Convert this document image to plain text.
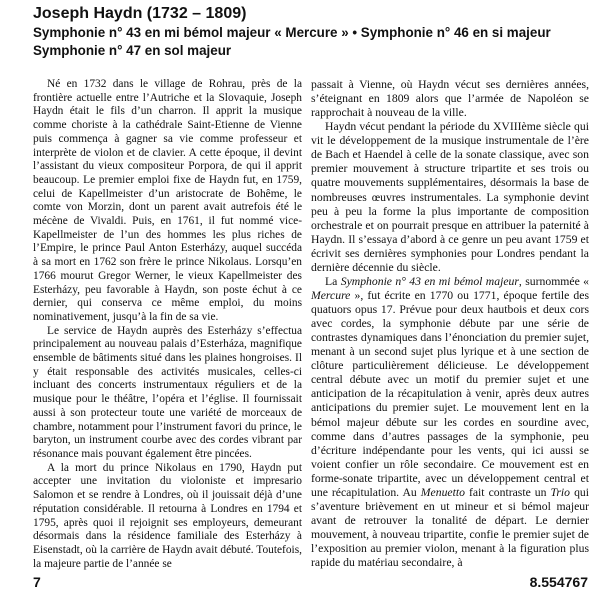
Joseph Haydn (1732 – 1809)
Symphonie n° 43 en mi bémol majeur « Mercure » • Symphonie n° 46 en si majeur
Symphonie n° 47 en sol majeur

Né en 1732 dans le village de Rohrau, près de la frontière actuelle entre l’Autriche et la Slovaquie, Joseph Haydn était le fils d’un charron. Il apprit la musique comme choriste à la cathédrale Saint-Etienne de Vienne puis commença à gagner sa vie comme professeur et interprète de violon et de clavier. A cette époque, il devint l’assistant du vieux compositeur Porpora, de qui il apprit beaucoup. Le premier emploi fixe de Haydn fut, en 1759, celui de Kapellmeister d’un aristocrate de Bohême, le comte von Morzin, dont un parent avait autrefois été le mécène de Vivaldi. Puis, en 1761, il fut nommé vice-Kapellmeister de l’un des hommes les plus riches de l’Empire, le prince Paul Anton Esterházy, auquel succéda à sa mort en 1762 son frère le prince Nikolaus. Lorsqu’en 1766 mourut Gregor Werner, le vieux Kapellmeister des Esterházy, peu favorable à Haydn, son poste échut à ce dernier, qui conserva ce même emploi, du moins nominativement, jusqu’à la fin de sa vie.

Le service de Haydn auprès des Esterházy s’effectua principalement au nouveau palais d’Esterháza, magnifique ensemble de bâtiments situé dans les plaines hongroises. Il y était responsable des activités musicales, celles-ci incluant des concerts instrumentaux réguliers et de la musique pour le théâtre, l’opéra et l’église. Il fournissait aussi à son protecteur toute une variété de morceaux de chambre, notamment pour l’instrument favori du prince, le baryton, un instrument courbe avec des cordes vibrant par résonance mais pouvant également être pincées.

A la mort du prince Nikolaus en 1790, Haydn put accepter une invitation du violoniste et impresario Salomon et se rendre à Londres, où il jouissait déjà d’une réputation considérable. Il retourna à Londres en 1794 et 1795, après quoi il rejoignit ses employeurs, demeurant désormais dans la résidence familiale des Esterházy à Eisenstadt, où la carrière de Haydn avait débuté. Toutefois, la majeure partie de l’année se

passait à Vienne, où Haydn vécut ses dernières années, s’éteignant en 1809 alors que l’armée de Napoléon se rapprochait à nouveau de la ville.

Haydn vécut pendant la période du XVIIIème siècle qui vit le développement de la musique instrumentale de l’ère de Bach et Haendel à celle de la sonate classique, avec son premier mouvement à structure tripartite et ses trois ou quatre mouvements supplémentaires, désormais la base de nombreuses œuvres instrumentales. La symphonie devint peu à peu la forme la plus importante de composition orchestrale et on pourrait presque en attribuer la paternité à Haydn. Il s’essaya d’abord à ce genre un peu avant 1759 et écrivit ses dernières symphonies pour Londres pendant la dernière décennie du siècle.

La Symphonie n° 43 en mi bémol majeur, surnommée « Mercure », fut écrite en 1770 ou 1771, époque fertile des quatuors opus 17. Prévue pour deux hautbois et deux cors avec cordes, la symphonie débute par une série de contrastes dynamiques dans l’énonciation du premier sujet, menant à un second sujet plus lyrique et à une section de clôture particulièrement délicieuse. Le développement central débute avec un motif du premier sujet et une anticipation de la récapitulation à venir, après deux autres anticipations du premier sujet. Le mouvement lent en la bémol majeur débute sur les cordes en sourdine avec, comme dans d’autres passages de la symphonie, peu d’écriture indépendante pour les vents, qui ici aussi se voient confier un rôle secondaire. Ce mouvement est en forme-sonate tripartite, avec un développement central et une récapitulation. Au Menuetto fait contraste un Trio qui s’aventure brièvement en ut mineur et si bémol majeur avant de retrouver la tonalité de départ. Le dernier mouvement, à nouveau tripartite, confie le premier sujet de l’exposition au premier violon, menant à la figuration plus rapide du matériau secondaire, à

7	8.554767
